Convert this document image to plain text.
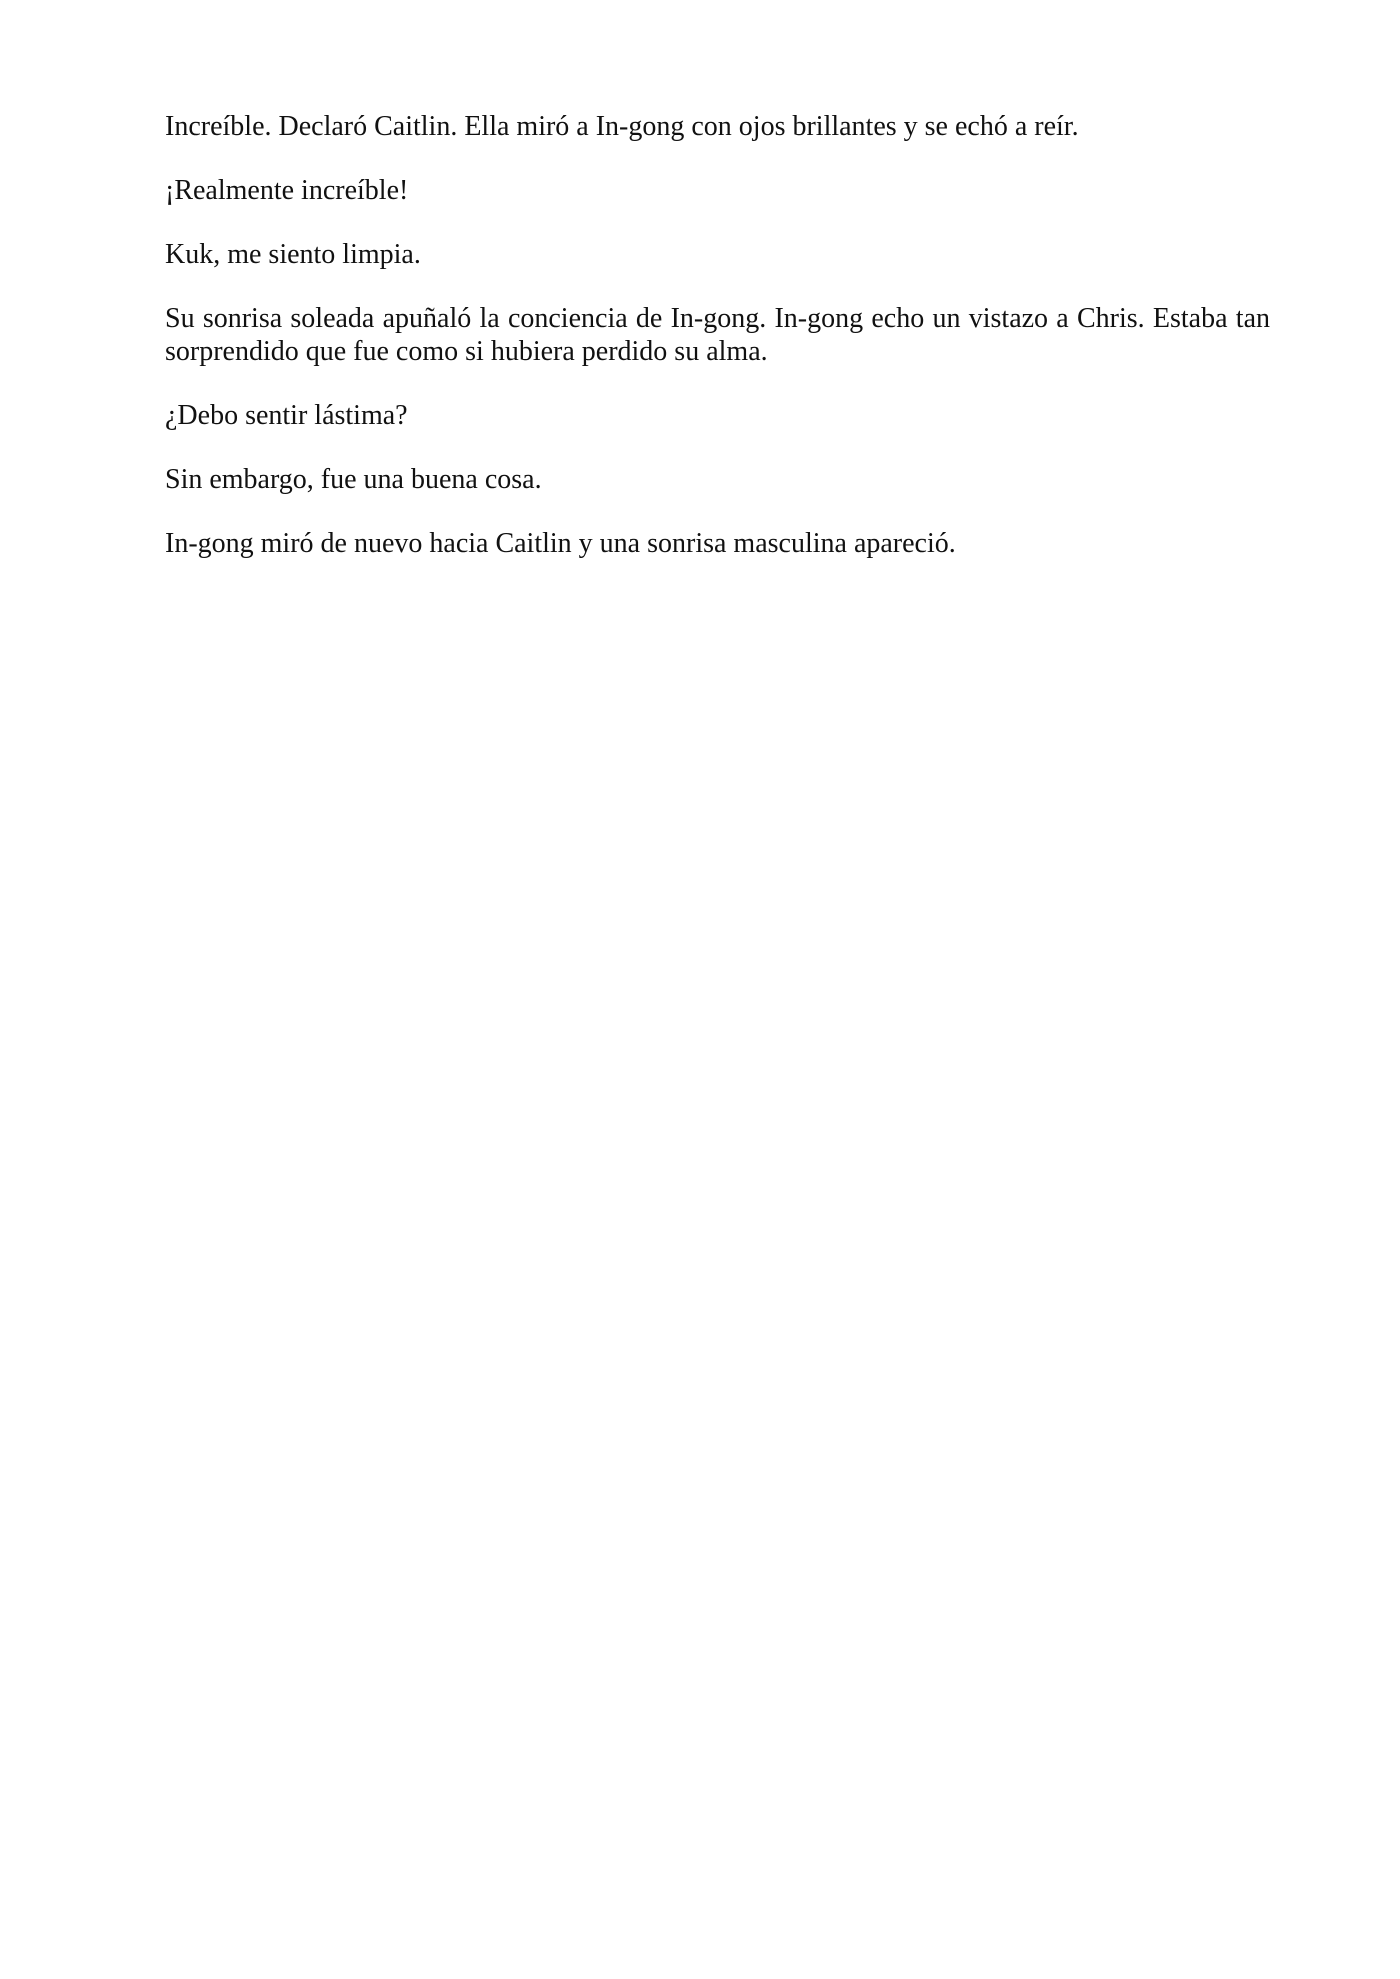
Increíble. Declaró Caitlin. Ella miró a In-gong con ojos brillantes y se echó a reír.

¡Realmente increíble!

Kuk, me siento limpia.

Su sonrisa soleada apuñaló la conciencia de In-gong. In-gong echo un vistazo a Chris. Estaba tan sorprendido que fue como si hubiera perdido su alma.

¿Debo sentir lástima?

Sin embargo, fue una buena cosa.

In-gong miró de nuevo hacia Caitlin y una sonrisa masculina apareció.
